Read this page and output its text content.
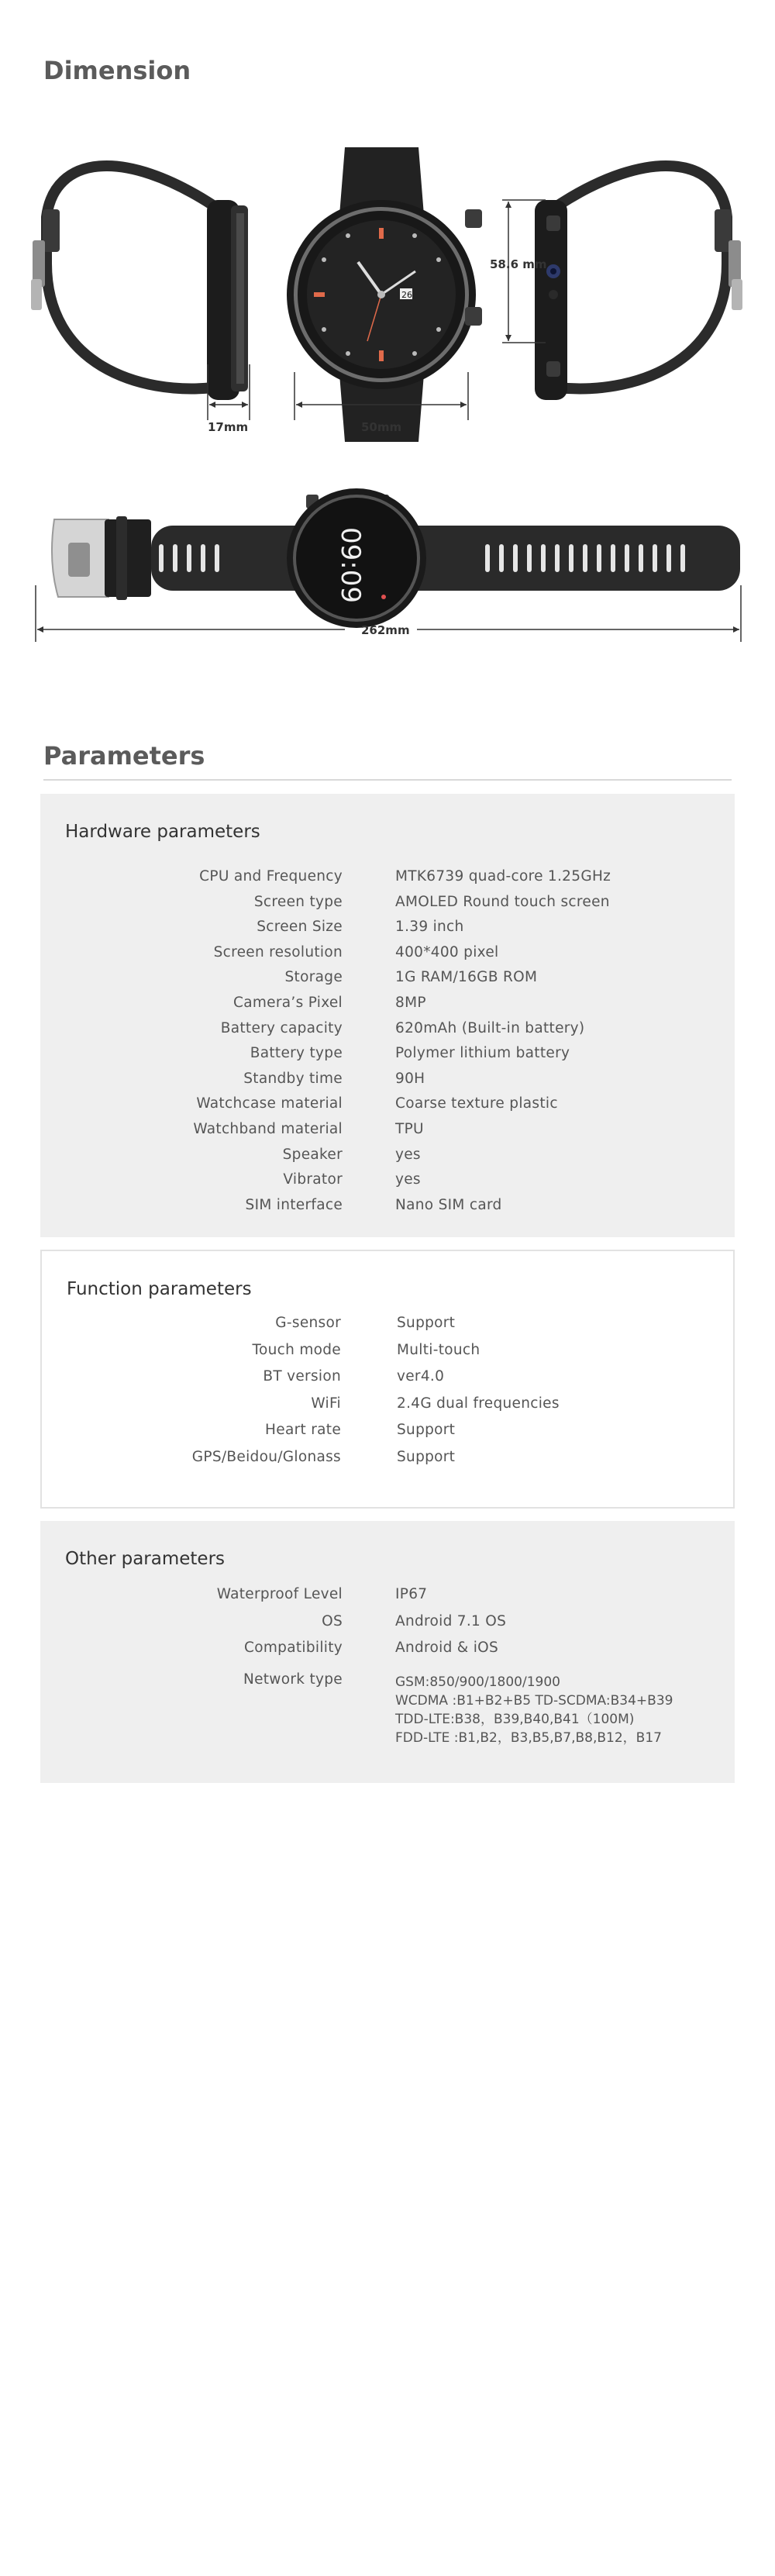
Dimension
26
17mm	50mm
58.6 mm
09:09
262mm
Parameters
Hardware parameters
CPU and Frequency	MTK6739 quad-core 1.25GHz
Screen type	AMOLED Round touch screen
Screen Size	1.39 inch
Screen resolution	400*400 pixel
Storage	1G RAM/16GB ROM
Camera’s Pixel	8MP
Battery capacity	620mAh (Built-in battery)
Battery type	Polymer lithium battery
Standby time	90H
Watchcase material	Coarse texture plastic
Watchband material	TPU
Speaker	yes
Vibrator	yes
SIM interface	Nano SIM card
Function parameters
G-sensor	Support
Touch mode	Multi-touch
BT version	ver4.0
WiFi	2.4G dual frequencies
Heart rate	Support
GPS/Beidou/Glonass	Support
Other parameters
Network type	GSM:850/900/1800/1900
WCDMA :B1+B2+B5 TD-SCDMA:B34+B39
TDD-LTE:B38，B39,B40,B41（100M)
FDD-LTE :B1,B2，B3,B5,B7,B8,B12，B17
Waterproof Level	IP67
OS	Android 7.1 OS
Compatibility	Android & iOS
